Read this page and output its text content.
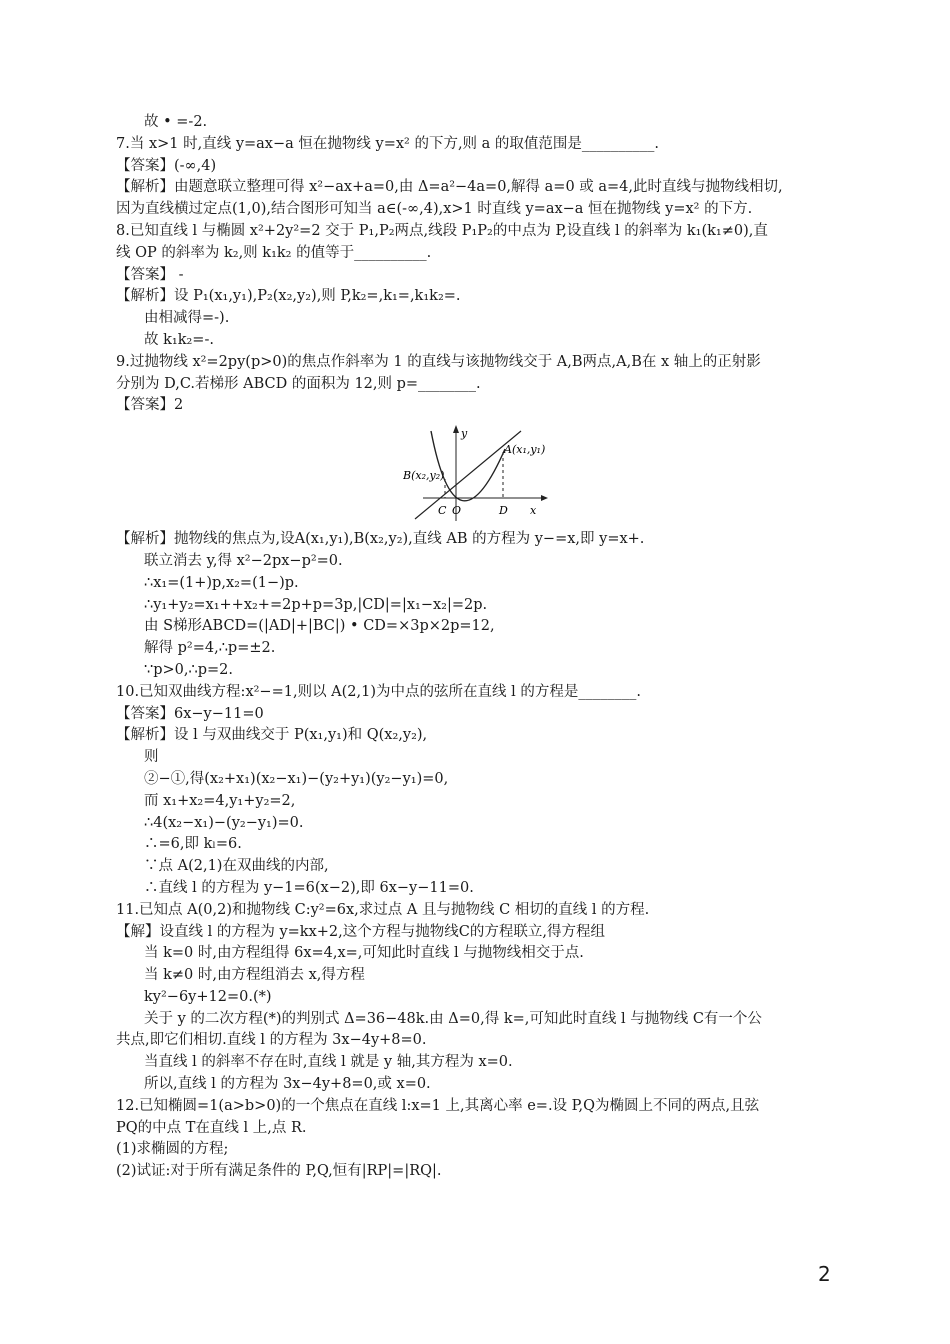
故 • =-2.
7.当 x>1 时,直线 y=ax−a 恒在抛物线 y=x² 的下方,则 a 的取值范围是__________.
【答案】(-∞,4)
【解析】由题意联立整理可得 x²−ax+a=0,由 Δ=a²−4a=0,解得 a=0 或 a=4,此时直线与抛物线相切,
因为直线横过定点(1,0),结合图形可知当 a∈(-∞,4),x>1 时直线 y=ax−a 恒在抛物线 y=x² 的下方.
8.已知直线 l 与椭圆 x²+2y²=2 交于 P₁,P₂两点,线段 P₁P₂的中点为 P,设直线 l 的斜率为 k₁(k₁≠0),直
线 OP 的斜率为 k₂,则 k₁k₂ 的值等于__________.
【答案】 -
【解析】设 P₁(x₁,y₁),P₂(x₂,y₂),则 P,k₂=,k₁=,k₁k₂=.
由相减得=-).
故 k₁k₂=-.
9.过抛物线 x²=2py(p>0)的焦点作斜率为 1 的直线与该抛物线交于 A,B两点,A,B在 x 轴上的正射影
分别为 D,C.若梯形 ABCD 的面积为 12,则 p=________.
【答案】2
y
A(x₁,y₁)
B(x₂,y₂)
C O	D x
【解析】抛物线的焦点为,设A(x₁,y₁),B(x₂,y₂),直线 AB 的方程为 y−=x,即 y=x+.
联立消去 y,得 x²−2px−p²=0.
∴x₁=(1+)p,x₂=(1−)p.
∴y₁+y₂=x₁++x₂+=2p+p=3p,|CD|=|x₁−x₂|=2p.
由 S梯形ABCD=(|AD|+|BC|) • CD=×3p×2p=12,
解得 p²=4,∴p=±2.
∵p>0,∴p=2.
10.已知双曲线方程:x²−=1,则以 A(2,1)为中点的弦所在直线 l 的方程是________.
【答案】6x−y−11=0
【解析】设 l 与双曲线交于 P(x₁,y₁)和 Q(x₂,y₂),
则
②−①,得(x₂+x₁)(x₂−x₁)−(y₂+y₁)(y₂−y₁)=0,
而 x₁+x₂=4,y₁+y₂=2,
∴4(x₂−x₁)−(y₂−y₁)=0.
∴=6,即 kₗ=6.
∵点 A(2,1)在双曲线的内部,
∴直线 l 的方程为 y−1=6(x−2),即 6x−y−11=0.
11.已知点 A(0,2)和抛物线 C:y²=6x,求过点 A 且与抛物线 C 相切的直线 l 的方程.
【解】设直线 l 的方程为 y=kx+2,这个方程与抛物线C的方程联立,得方程组
当 k=0 时,由方程组得 6x=4,x=,可知此时直线 l 与抛物线相交于点.
当 k≠0 时,由方程组消去 x,得方程
ky²−6y+12=0.(*)
关于 y 的二次方程(*)的判别式 Δ=36−48k.由 Δ=0,得 k=,可知此时直线 l 与抛物线 C有一个公
共点,即它们相切.直线 l 的方程为 3x−4y+8=0.
当直线 l 的斜率不存在时,直线 l 就是 y 轴,其方程为 x=0.
所以,直线 l 的方程为 3x−4y+8=0,或 x=0.
12.已知椭圆=1(a>b>0)的一个焦点在直线 l:x=1 上,其离心率 e=.设 P,Q为椭圆上不同的两点,且弦
PQ的中点 T在直线 l 上,点 R.
(1)求椭圆的方程;
(2)试证:对于所有满足条件的 P,Q,恒有|RP|=|RQ|.
2
